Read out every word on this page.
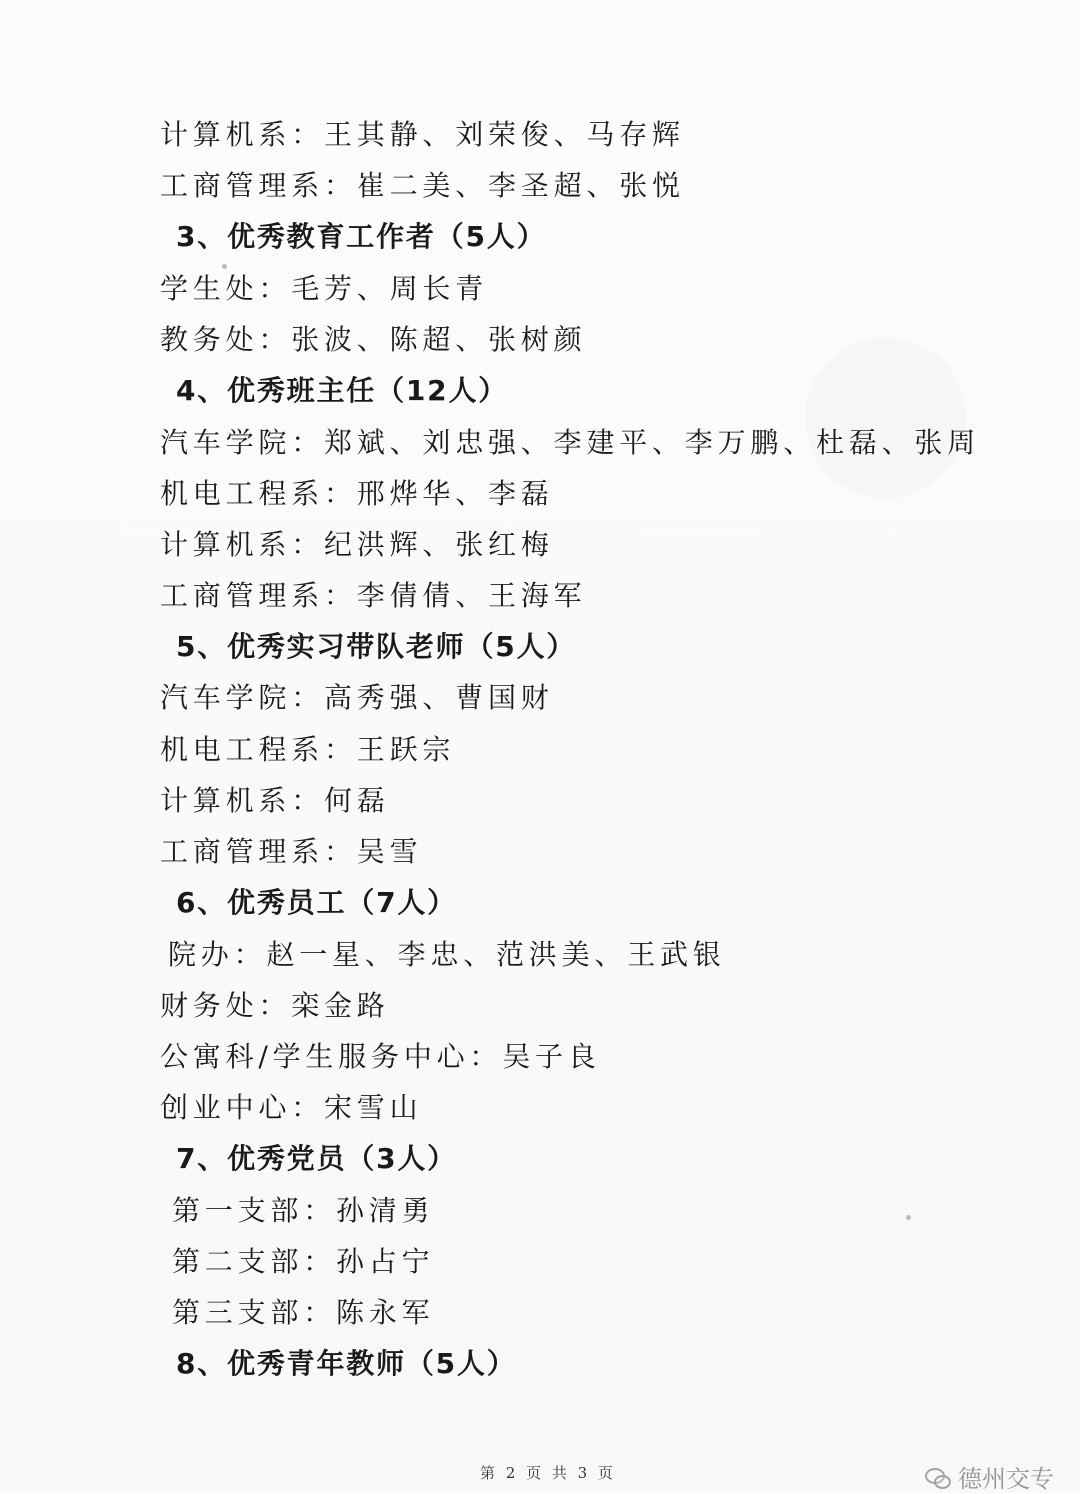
计算机系：王其静、刘荣俊、马存辉
工商管理系：崔二美、李圣超、张悦
3、优秀教育工作者（5人）
学生处：毛芳、周长青
教务处：张波、陈超、张树颜
4、优秀班主任（12人）
汽车学院：郑斌、刘忠强、李建平、李万鹏、杜磊、张周
机电工程系：邢烨华、李磊
计算机系：纪洪辉、张红梅
工商管理系：李倩倩、王海军
5、优秀实习带队老师（5人）
汽车学院：高秀强、曹国财
机电工程系：王跃宗
计算机系：何磊
工商管理系：吴雪
6、优秀员工（7人）
院办：赵一星、李忠、范洪美、王武银
财务处：栾金路
公寓科/学生服务中心：吴子良
创业中心：宋雪山
7、优秀党员（3人）
第一支部：孙清勇
第二支部：孙占宁
第三支部：陈永军
8、优秀青年教师（5人）
第 2 页 共 3 页	德州交专
